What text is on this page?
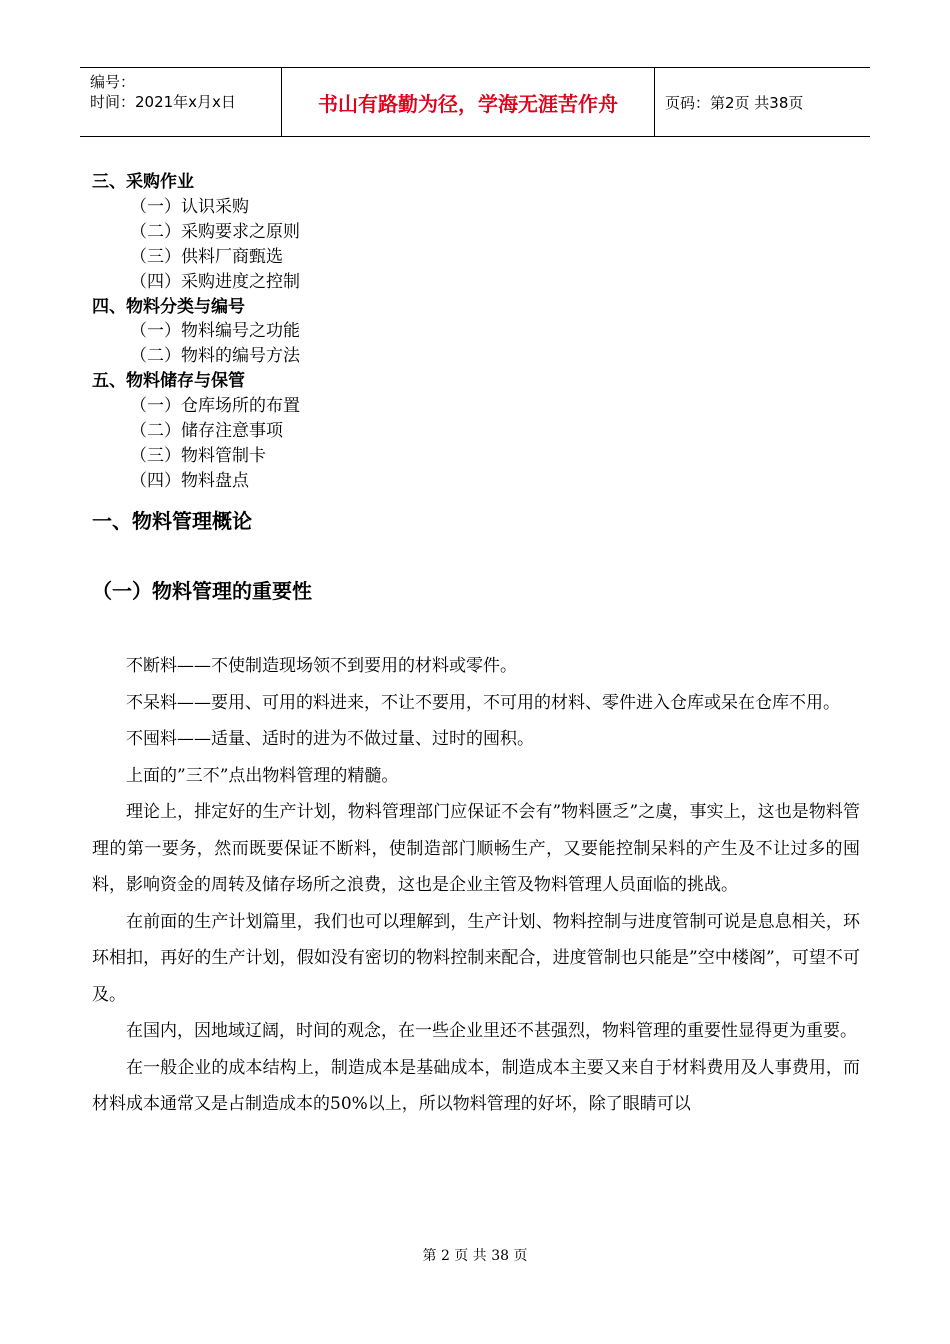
编号：
时间：2021年x月x日	书山有路勤为径，学海无涯苦作舟	页码：第2页 共38页
三、采购作业
（一）认识采购
（二）采购要求之原则
（三）供料厂商甄选
（四）采购进度之控制
四、物料分类与编号
（一）物料编号之功能
（二）物料的编号方法
五、物料储存与保管
（一）仓库场所的布置
（二）储存注意事项
（三）物料管制卡
（四）物料盘点
一、物料管理概论
（一）物料管理的重要性

不断料——不使制造现场领不到要用的材料或零件。

不呆料——要用、可用的料进来，不让不要用，不可用的材料、零件进入仓库或呆在仓库不用。

不囤料——适量、适时的进为不做过量、过时的囤积。

上面的”三不”点出物料管理的精髓。

理论上，排定好的生产计划，物料管理部门应保证不会有”物料匮乏”之虞，事实上，这也是物料管理的第一要务，然而既要保证不断料，使制造部门顺畅生产，又要能控制呆料的产生及不让过多的囤料，影响资金的周转及储存场所之浪费，这也是企业主管及物料管理人员面临的挑战。

在前面的生产计划篇里，我们也可以理解到，生产计划、物料控制与进度管制可说是息息相关，环环相扣，再好的生产计划，假如没有密切的物料控制来配合，进度管制也只能是”空中楼阁”，可望不可及。

在国内，因地域辽阔，时间的观念，在一些企业里还不甚强烈，物料管理的重要性显得更为重要。

在一般企业的成本结构上，制造成本是基础成本，制造成本主要又来自于材料费用及人事费用，而材料成本通常又是占制造成本的50%以上，所以物料管理的好坏，除了眼睛可以

第 2 页 共 38 页
